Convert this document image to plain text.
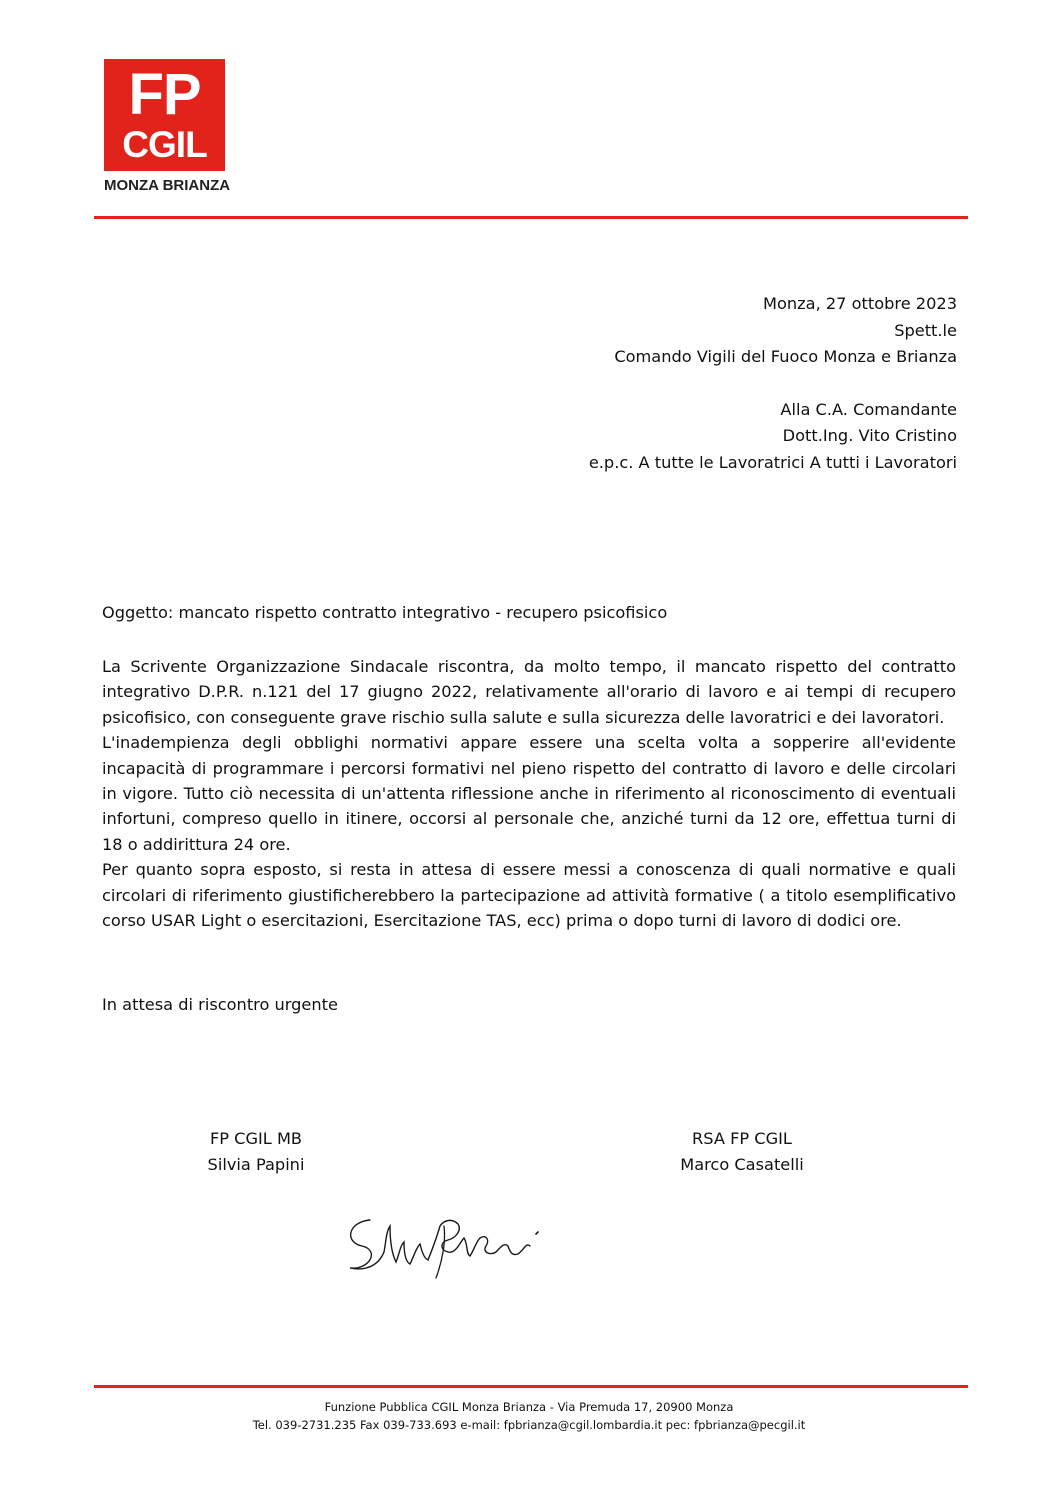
FP
CGIL
MONZA BRIANZA
Monza, 27 ottobre 2023
Spett.le
Comando Vigili del Fuoco Monza e Brianza
Alla C.A. Comandante
Dott.Ing. Vito Cristino
e.p.c. A tutte le Lavoratrici A tutti i Lavoratori
Oggetto: mancato rispetto contratto integrativo - recupero psicofisico

La Scrivente Organizzazione Sindacale riscontra, da molto tempo, il mancato rispetto del contratto integrativo D.P.R. n.121 del 17 giugno 2022, relativamente all'orario di lavoro e ai tempi di recupero psicofisico, con conseguente grave rischio sulla salute e sulla sicurezza delle lavoratrici e dei lavoratori.

L'inadempienza degli obblighi normativi appare essere una scelta volta a sopperire all'evidente incapacità di programmare i percorsi formativi nel pieno rispetto del contratto di lavoro e delle circolari in vigore. Tutto ciò necessita di un'attenta riflessione anche in riferimento al riconoscimento di eventuali infortuni, compreso quello in itinere, occorsi al personale che, anziché turni da 12 ore, effettua turni di 18 o addirittura 24 ore.

Per quanto sopra esposto, si resta in attesa di essere messi a conoscenza di quali normative e quali circolari di riferimento giustificherebbero la partecipazione ad attività formative ( a titolo esemplificativo corso USAR Light o esercitazioni, Esercitazione TAS, ecc) prima o dopo turni di lavoro di dodici ore.

In attesa di riscontro urgente
FP CGIL MB
Silvia Papini
RSA FP CGIL
Marco Casatelli
Funzione Pubblica CGIL Monza Brianza - Via Premuda 17, 20900 Monza
Tel. 039-2731.235 Fax 039-733.693 e-mail: fpbrianza@cgil.lombardia.it pec: fpbrianza@pecgil.it
